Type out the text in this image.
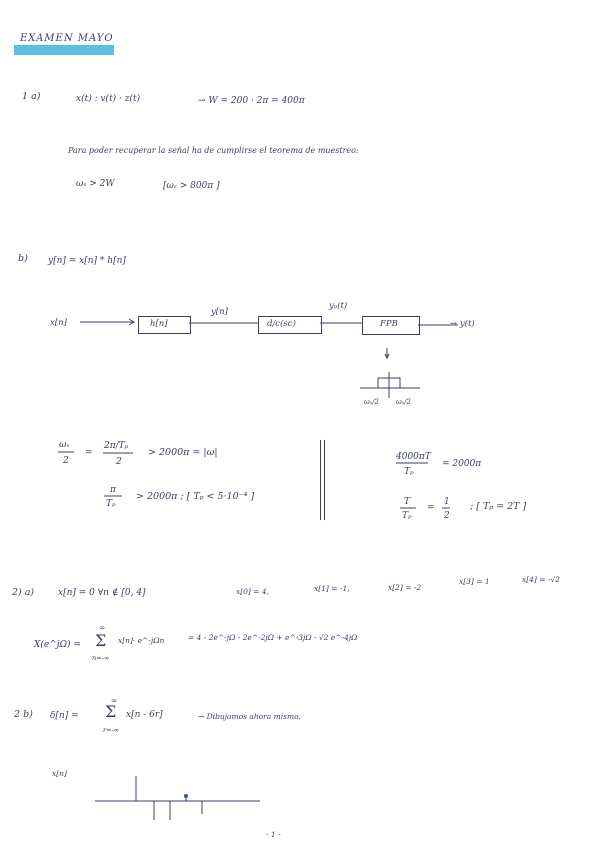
EXAMEN MAYO
1 a)	x(t) : v(t) · z(t)	→ W = 200 · 2π = 400π
Para poder recuperar la señal ha de cumplirse el teorema de muestreo:
ωₛ > 2W	[ωₛ > 800π ]
b) y[n] = x[n] * h[n]
x[n]	h[n]
y[n]
d/c(sc)
yₚ(t)
FPB	→ y(t)
ωₛ/2 ωₛ/2
ωₛ
2
=
2π/Tₚ
2
> 2000π = |ω|
π
Tₚ
> 2000π ; [ Tₚ < 5·10⁻⁴ ]
4000πT
Tₚ
= 2000π
T
Tₚ
=
1
2
; [ Tₚ = 2T ]
2) a)	x[n] = 0 ∀n ∉ [0, 4]	x[0] = 4,	x[1] = -1,	x[2] = -2
x[3] = 1	x[4] = -√2
X(e^jΩ) =
∞
Σ
n=-∞
x[n]· e^-jΩn	= 4 - 2e^-jΩ - 2e^-2jΩ + e^-3jΩ - √2 e^-4jΩ
2 b) δ[n] =
∞
Σ
r=-∞
x[n - 6r]	→ Dibujamos ahora mismo.
x[n]
- 1 -
